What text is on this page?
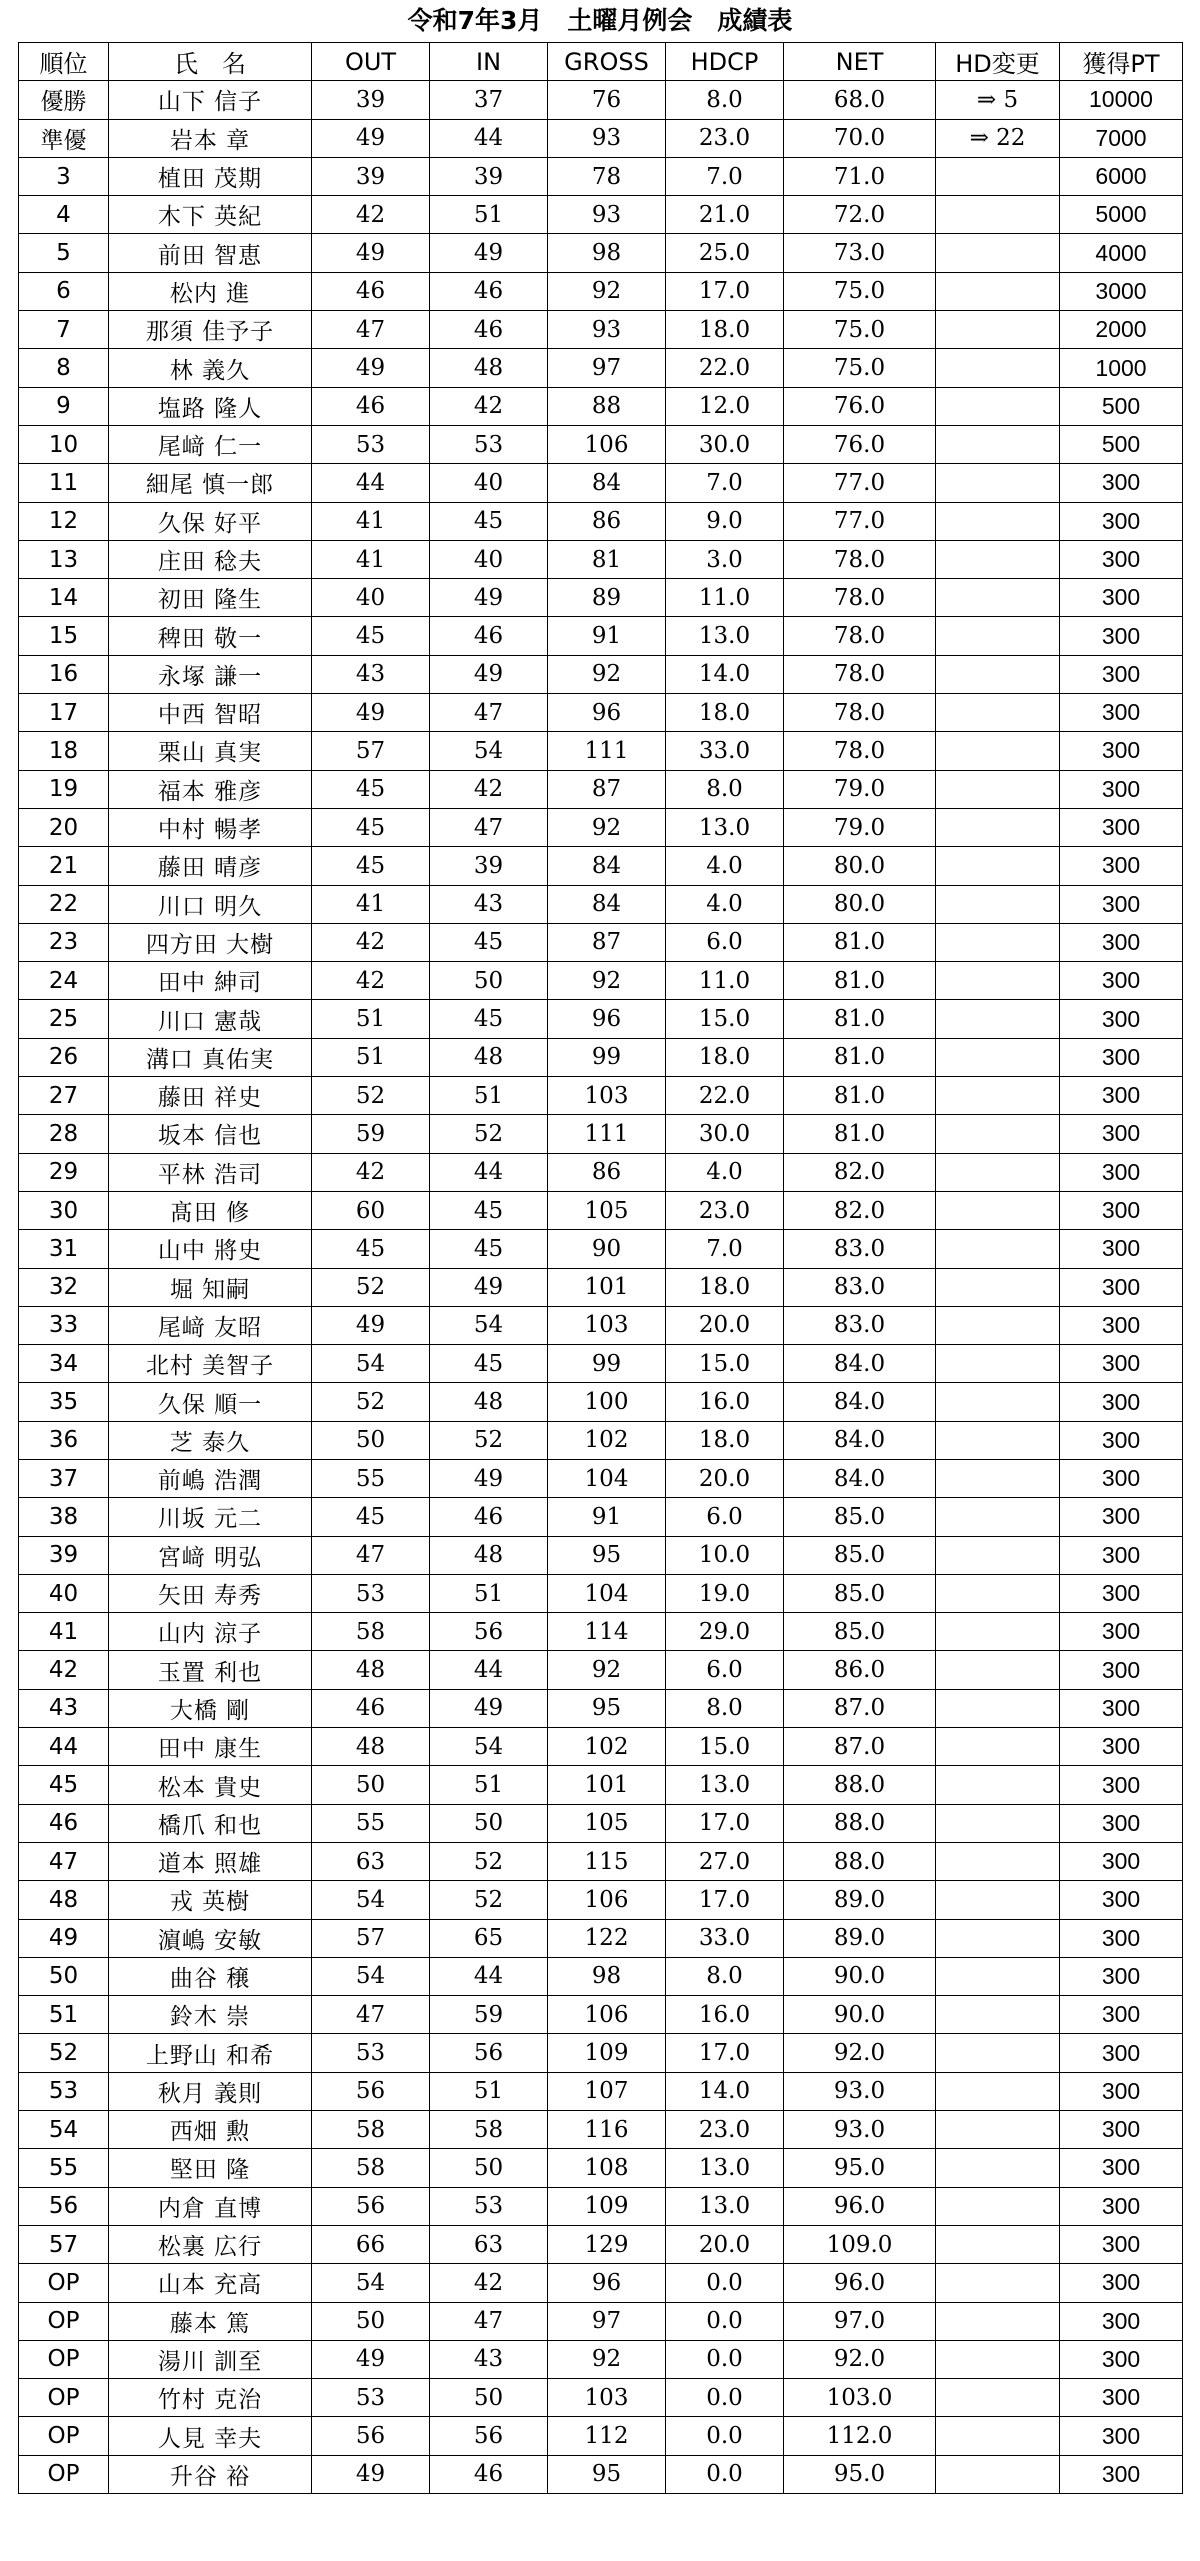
令和7年3月　土曜月例会　成績表
順位	氏　名	OUT	IN	GROSS	HDCP	NET	HD変更	獲得PT
優勝	山下 信子	39	37	76	8.0	68.0	⇒ 5	10000
準優	岩本 章	49	44	93	23.0	70.0	⇒ 22	7000
3	植田 茂期	39	39	78	7.0	71.0		6000
4	木下 英紀	42	51	93	21.0	72.0		5000
5	前田 智恵	49	49	98	25.0	73.0		4000
6	松内 進	46	46	92	17.0	75.0		3000
7	那須 佳予子	47	46	93	18.0	75.0		2000
8	林 義久	49	48	97	22.0	75.0		1000
9	塩路 隆人	46	42	88	12.0	76.0		500
10	尾﨑 仁一	53	53	106	30.0	76.0		500
11	細尾 慎一郎	44	40	84	7.0	77.0		300
12	久保 好平	41	45	86	9.0	77.0		300
13	庄田 稔夫	41	40	81	3.0	78.0		300
14	初田 隆生	40	49	89	11.0	78.0		300
15	稗田 敬一	45	46	91	13.0	78.0		300
16	永塚 謙一	43	49	92	14.0	78.0		300
17	中西 智昭	49	47	96	18.0	78.0		300
18	栗山 真実	57	54	111	33.0	78.0		300
19	福本 雅彦	45	42	87	8.0	79.0		300
20	中村 暢孝	45	47	92	13.0	79.0		300
21	藤田 晴彦	45	39	84	4.0	80.0		300
22	川口 明久	41	43	84	4.0	80.0		300
23	四方田 大樹	42	45	87	6.0	81.0		300
24	田中 紳司	42	50	92	11.0	81.0		300
25	川口 憲哉	51	45	96	15.0	81.0		300
26	溝口 真佑実	51	48	99	18.0	81.0		300
27	藤田 祥史	52	51	103	22.0	81.0		300
28	坂本 信也	59	52	111	30.0	81.0		300
29	平林 浩司	42	44	86	4.0	82.0		300
30	髙田 修	60	45	105	23.0	82.0		300
31	山中 將史	45	45	90	7.0	83.0		300
32	堀 知嗣	52	49	101	18.0	83.0		300
33	尾﨑 友昭	49	54	103	20.0	83.0		300
34	北村 美智子	54	45	99	15.0	84.0		300
35	久保 順一	52	48	100	16.0	84.0		300
36	芝 泰久	50	52	102	18.0	84.0		300
37	前嶋 浩潤	55	49	104	20.0	84.0		300
38	川坂 元二	45	46	91	6.0	85.0		300
39	宮﨑 明弘	47	48	95	10.0	85.0		300
40	矢田 寿秀	53	51	104	19.0	85.0		300
41	山内 涼子	58	56	114	29.0	85.0		300
42	玉置 利也	48	44	92	6.0	86.0		300
43	大橋 剛	46	49	95	8.0	87.0		300
44	田中 康生	48	54	102	15.0	87.0		300
45	松本 貴史	50	51	101	13.0	88.0		300
46	橋爪 和也	55	50	105	17.0	88.0		300
47	道本 照雄	63	52	115	27.0	88.0		300
48	戎 英樹	54	52	106	17.0	89.0		300
49	濵嶋 安敏	57	65	122	33.0	89.0		300
50	曲谷 穣	54	44	98	8.0	90.0		300
51	鈴木 崇	47	59	106	16.0	90.0		300
52	上野山 和希	53	56	109	17.0	92.0		300
53	秋月 義則	56	51	107	14.0	93.0		300
54	西畑 勲	58	58	116	23.0	93.0		300
55	堅田 隆	58	50	108	13.0	95.0		300
56	内倉 直博	56	53	109	13.0	96.0		300
57	松裏 広行	66	63	129	20.0	109.0		300
OP	山本 充高	54	42	96	0.0	96.0		300
OP	藤本 篤	50	47	97	0.0	97.0		300
OP	湯川 訓至	49	43	92	0.0	92.0		300
OP	竹村 克治	53	50	103	0.0	103.0		300
OP	人見 幸夫	56	56	112	0.0	112.0		300
OP	升谷 裕	49	46	95	0.0	95.0		300
